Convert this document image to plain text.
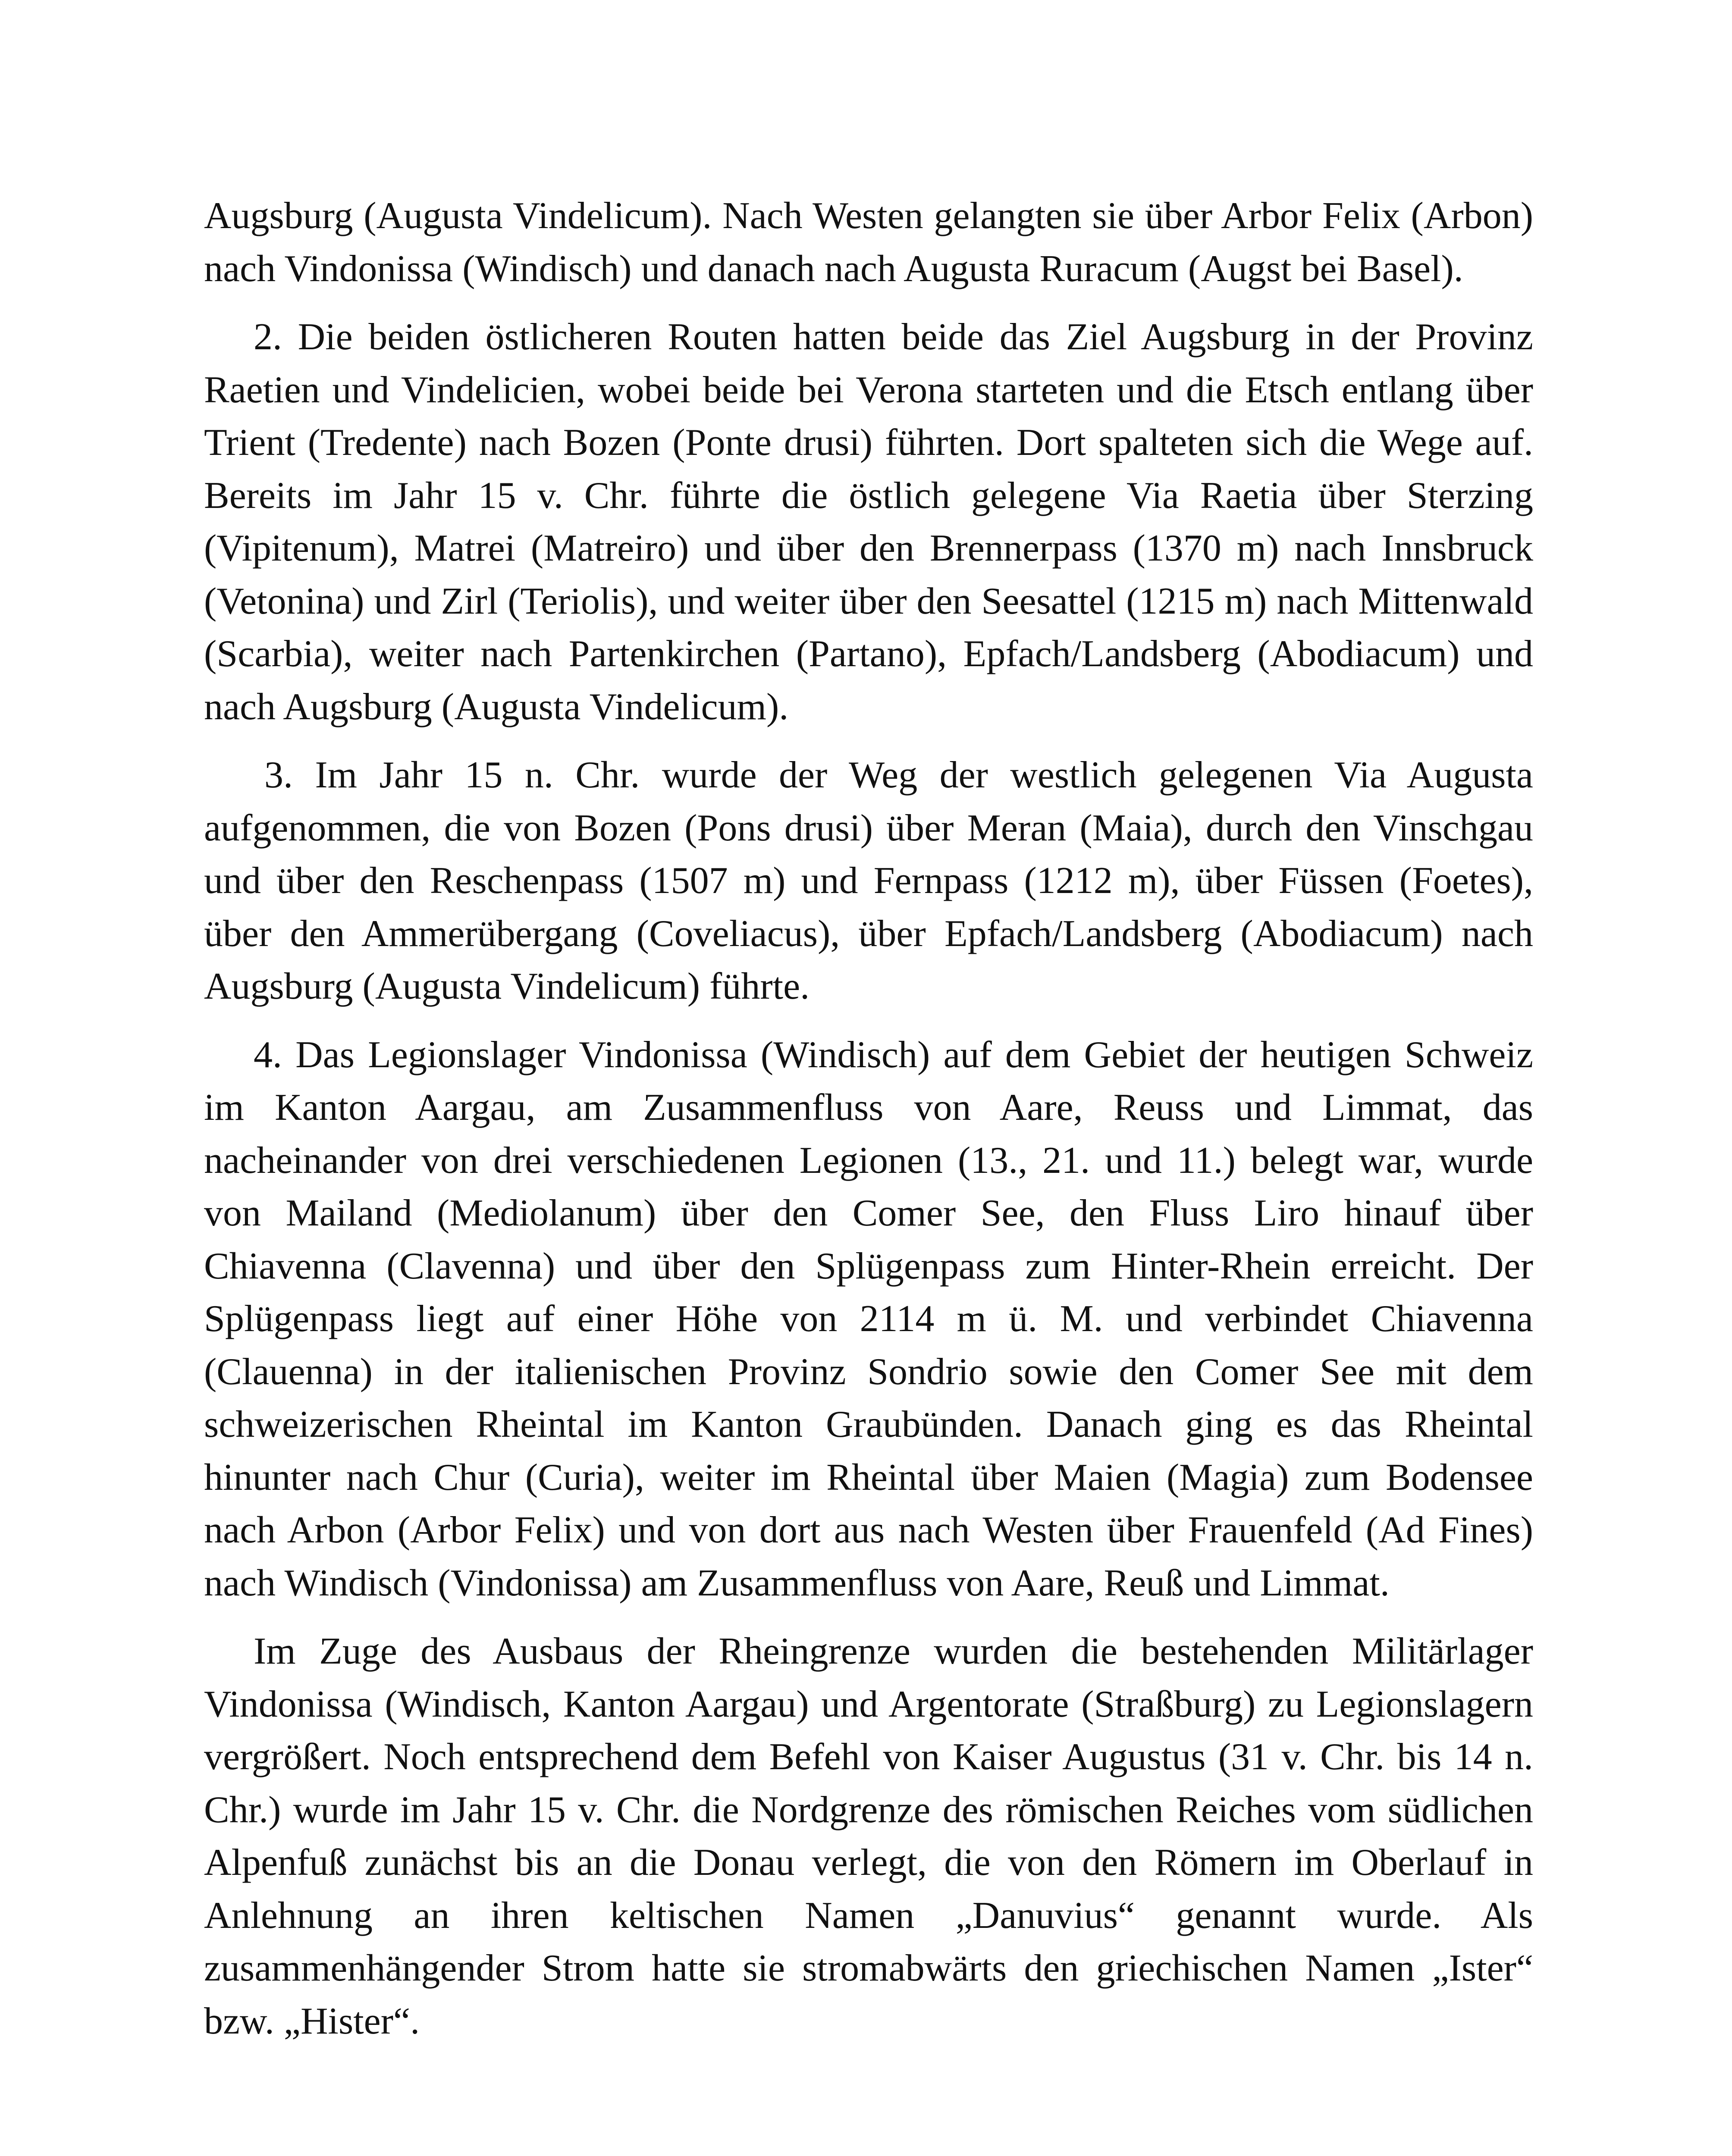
Augsburg (Augusta Vindelicum). Nach Westen gelangten sie über Arbor Felix (Arbon) nach Vindonissa (Windisch) und danach nach Augusta Ruracum (Augst bei Basel).

2. Die beiden östlicheren Routen hatten beide das Ziel Augsburg in der Provinz Raetien und Vindelicien, wobei beide bei Verona starteten und die Etsch entlang über Trient (Tredente) nach Bozen (Ponte drusi) führten. Dort spalteten sich die Wege auf. Bereits im Jahr 15 v. Chr. führte die östlich gelegene Via Raetia über Sterzing (Vipitenum), Matrei (Matreiro) und über den Brennerpass (1370 m) nach Innsbruck (Vetonina) und Zirl (Teriolis), und weiter über den Seesattel (1215 m) nach Mittenwald (Scarbia), weiter nach Partenkirchen (Partano), Epfach/Landsberg (Abodiacum) und nach Augsburg (Augusta Vindelicum).

3. Im Jahr 15 n. Chr. wurde der Weg der westlich gelegenen Via Augusta aufgenommen, die von Bozen (Pons drusi) über Meran (Maia), durch den Vinschgau und über den Reschenpass (1507 m) und Fernpass (1212 m), über Füssen (Foetes), über den Ammerübergang (Coveliacus), über Epfach/Landsberg (Abodiacum) nach Augsburg (Augusta Vindelicum) führte.

4. Das Legionslager Vindonissa (Windisch) auf dem Gebiet der heutigen Schweiz im Kanton Aargau, am Zusammenfluss von Aare, Reuss und Limmat, das nacheinander von drei verschiedenen Legionen (13., 21. und 11.) belegt war, wurde von Mailand (Mediolanum) über den Comer See, den Fluss Liro hinauf über Chiavenna (Clavenna) und über den Splügenpass zum Hinter-Rhein erreicht. Der Splügenpass liegt auf einer Höhe von 2114 m ü. M. und verbindet Chiavenna (Clauenna) in der italienischen Provinz Sondrio sowie den Comer See mit dem schweizerischen Rheintal im Kanton Graubünden. Danach ging es das Rheintal hinunter nach Chur (Curia), weiter im Rheintal über Maien (Magia) zum Bodensee nach Arbon (Arbor Felix) und von dort aus nach Westen über Frauenfeld (Ad Fines) nach Windisch (Vindonissa) am Zusammenfluss von Aare, Reuß und Limmat.

Im Zuge des Ausbaus der Rheingrenze wurden die bestehenden Militärlager Vindonissa (Windisch, Kanton Aargau) und Argentorate (Straßburg) zu Legionslagern vergrößert. Noch entsprechend dem Befehl von Kaiser Augustus (31 v. Chr. bis 14 n. Chr.) wurde im Jahr 15 v. Chr. die Nordgrenze des römischen Reiches vom südlichen Alpenfuß zunächst bis an die Donau verlegt, die von den Römern im Oberlauf in Anlehnung an ihren keltischen Namen „Danuvius“ genannt wurde. Als zusammenhängender Strom hatte sie stromabwärts den griechischen Namen „Ister“ bzw. „Hister“.
